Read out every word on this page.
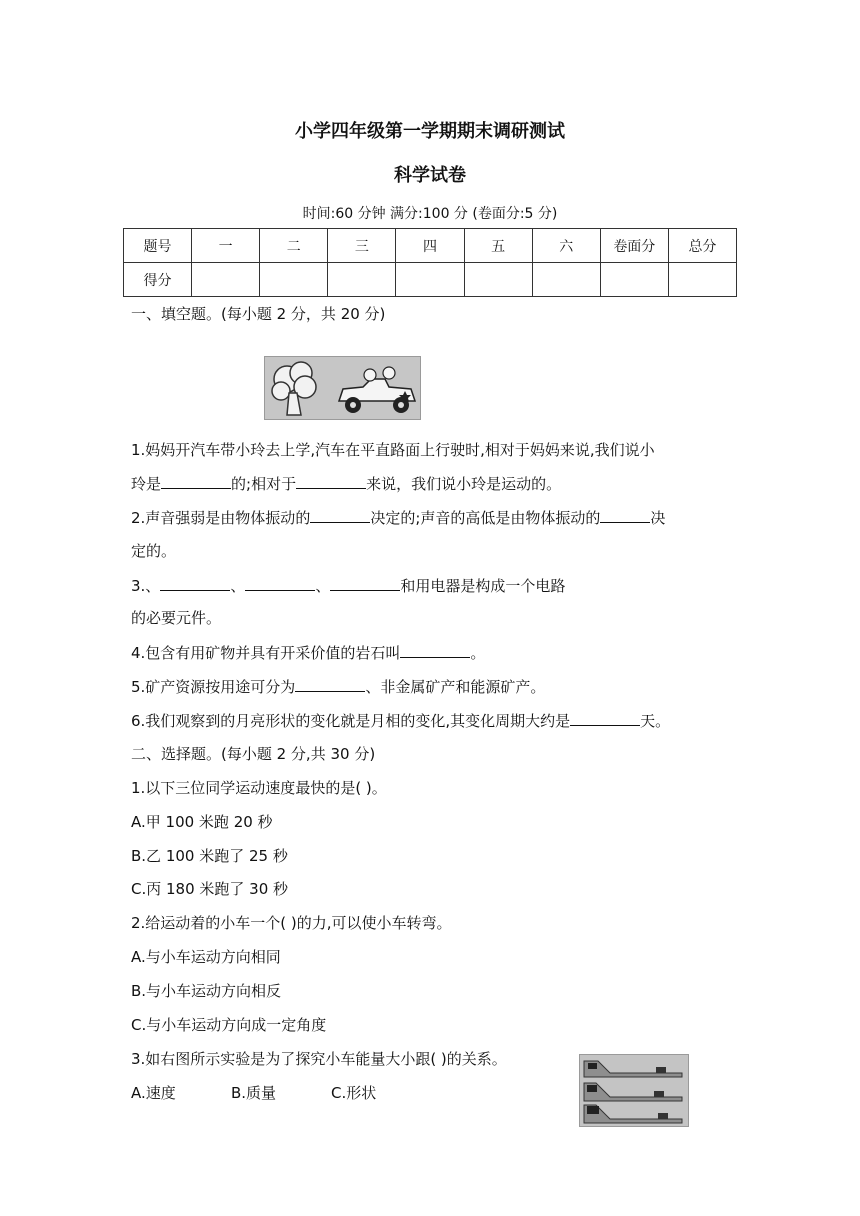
小学四年级第一学期期末调研测试
科学试卷
时间:60 分钟 满分:100 分 (卷面分:5 分)
题号	一	二	三	四	五	六	卷面分	总分
得分								
一、填空题。(每小题 2 分，共 20 分)
1.妈妈开汽车带小玲去上学,汽车在平直路面上行驶时,相对于妈妈来说,我们说小
玲是	的;相对于	来说，我们说小玲是运动的。
2.声音强弱是由物体振动的	决定的;声音的高低是由物体振动的	决
定的。
3.、	、	、	和用电器是构成一个电路
的必要元件。
4.包含有用矿物并具有开采价值的岩石叫	。
5.矿产资源按用途可分为	、非金属矿产和能源矿产。
6.我们观察到的月亮形状的变化就是月相的变化,其变化周期大约是	天。
二、选择题。(每小题 2 分,共 30 分)
1.以下三位同学运动速度最快的是( )。
A.甲 100 米跑 20 秒
B.乙 100 米跑了 25 秒
C.丙 180 米跑了 30 秒
2.给运动着的小车一个( )的力,可以使小车转弯。
A.与小车运动方向相同
B.与小车运动方向相反
C.与小车运动方向成一定角度
3.如右图所示实验是为了探究小车能量大小跟( )的关系。
A.速度	B.质量	C.形状
